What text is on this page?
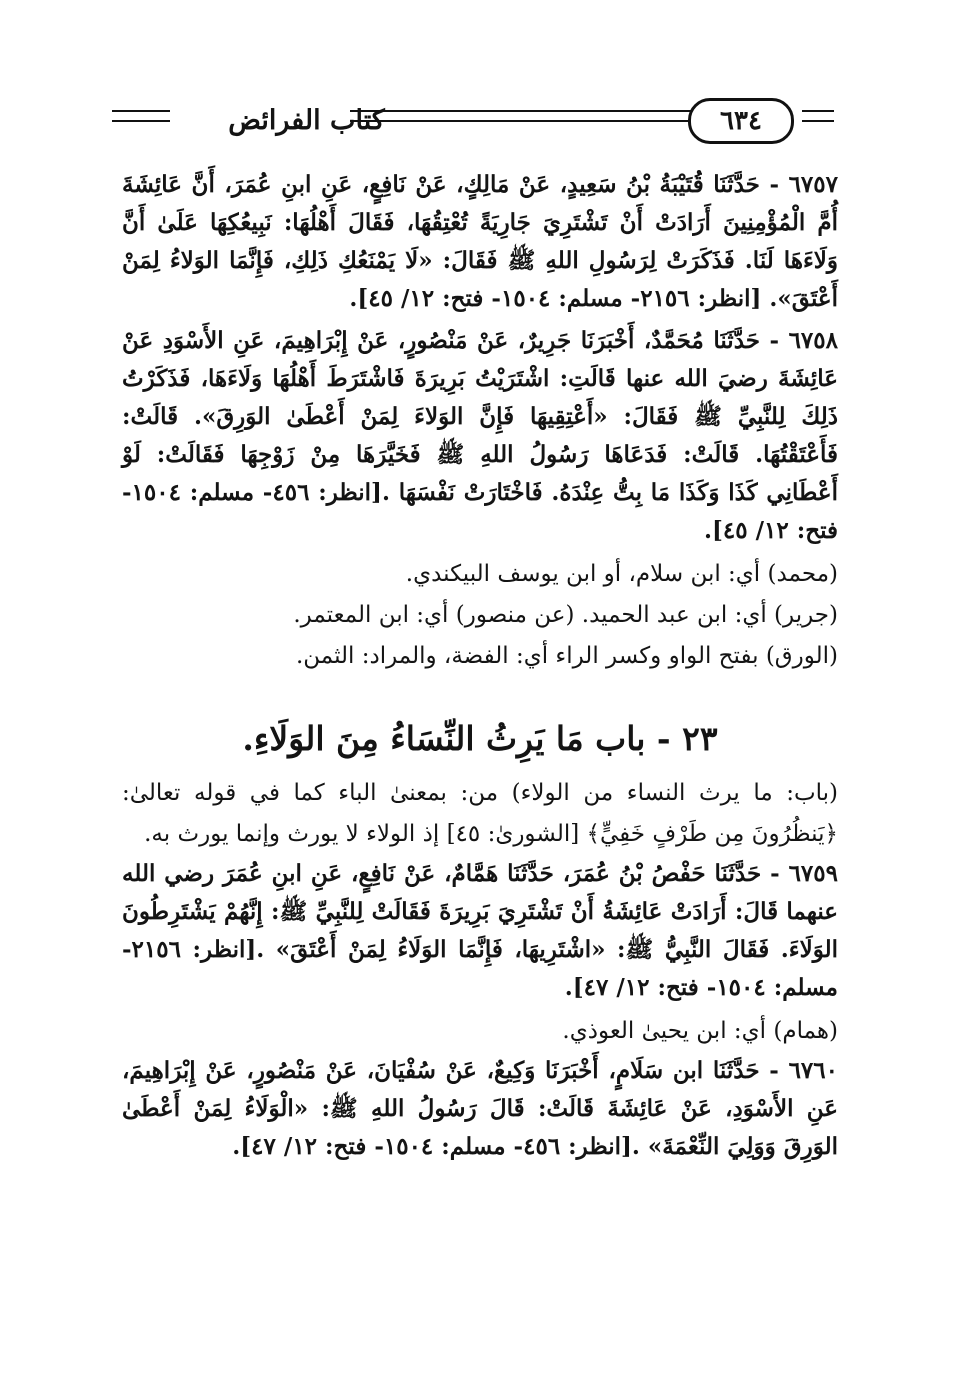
كتاب الفرائض	٦٣٤

٦٧٥٧ - حَدَّثَنَا قُتَيْبَةُ بْنُ سَعِيدٍ، عَنْ مَالِكٍ، عَنْ نَافِعٍ، عَنِ ابنِ عُمَرَ، أَنَّ عَائِشَةَ أُمَّ الْمُؤْمِنِينَ أَرَادَتْ أَنْ تَشْتَرِيَ جَارِيَةً تُعْتِقُهَا، فَقَالَ أَهْلُهَا: نَبِيعُكِهَا عَلَىٰ أَنَّ وَلَاءَهَا لَنَا. فَذَكَرَتْ لِرَسُولِ اللهِ ﷺ فَقَالَ: «لَا يَمْنَعُكِ ذَلِكِ، فَإِنَّمَا الوَلاءُ لِمَنْ أَعْتَقَ». [انظر: ٢١٥٦- مسلم: ١٥٠٤- فتح: ١٢/ ٤٥].

٦٧٥٨ - حَدَّثَنَا مُحَمَّدٌ، أَخْبَرَنَا جَرِيرٌ، عَنْ مَنْصُورٍ، عَنْ إِبْرَاهِيمَ، عَنِ الأَسْوَدِ عَنْ عَائِشَةَ رضيَ الله عنها قَالَتِ: اشْتَرَيْتُ بَرِيرَةَ فَاشْتَرَطَ أَهْلُهَا وَلَاءَهَا، فَذَكَرْتُ ذَلِكَ لِلنَّبِيِّ ﷺ فَقَالَ: «أَعْتِقِيهَا فَإِنَّ الوَلاءَ لِمَنْ أَعْطَىٰ الوَرِقَ». قَالَتْ: فَأَعْتَقْتُهَا. قَالَتْ: فَدَعَاهَا رَسُولُ اللهِ ﷺ فَخَيَّرَهَا مِنْ زَوْجِهَا فَقَالَتْ: لَوْ أَعْطَانِي كَذَا وَكَذَا مَا بِتُّ عِنْدَهُ. فَاخْتَارَتْ نَفْسَهَا .[انظر: ٤٥٦- مسلم: ١٥٠٤- فتح: ١٢/ ٤٥].

(محمد) أي: ابن سلام، أو ابن يوسف البيكندي.

(جرير) أي: ابن عبد الحميد. (عن منصور) أي: ابن المعتمر.

(الورق) بفتح الواو وكسر الراء أي: الفضة، والمراد: الثمن.

٢٣ - باب مَا يَرِثُ النِّسَاءُ مِنَ الوَلَاءِ.

(باب: ما يرث النساء من الولاء) من: بمعنىٰ الباء كما في قوله تعالىٰ: ﴿يَنظُرُونَ مِن طَرْفٍ خَفِيٍّ﴾ [الشورىٰ: ٤٥] إذ الولاء لا يورث وإنما يورث به.

٦٧٥٩ - حَدَّثَنَا حَفْصُ بْنُ عُمَرَ، حَدَّثَنَا هَمَّامٌ، عَنْ نَافِعٍ، عَنِ ابنِ عُمَرَ رضي الله عنهما قَالَ: أَرَادَتْ عَائِشَةُ أَنْ تَشْتَرِيَ بَرِيرَةَ فَقَالَتْ لِلنَّبِيِّ ﷺ: إِنَّهُمْ يَشْتَرِطُونَ الوَلَاءَ. فَقَالَ النَّبِيُّ ﷺ: «اشْتَرِيهَا، فَإِنَّمَا الوَلَاءُ لِمَنْ أَعْتَقَ» .[انظر: ٢١٥٦- مسلم: ١٥٠٤- فتح: ١٢/ ٤٧].

(همام) أي: ابن يحيىٰ العوذي.

٦٧٦٠ - حَدَّثَنَا ابن سَلَامٍ، أَخْبَرَنَا وَكِيعٌ، عَنْ سُفْيَانَ، عَنْ مَنْصُورٍ، عَنْ إِبْرَاهِيمَ، عَنِ الأَسْوَدِ، عَنْ عَائِشَةَ قَالَتْ: قَالَ رَسُولُ اللهِ ﷺ: «الْوَلَاءُ لِمَنْ أَعْطَىٰ الوَرِقَ وَوَلِيَ النِّعْمَةَ» .[انظر: ٤٥٦- مسلم: ١٥٠٤- فتح: ١٢/ ٤٧].
